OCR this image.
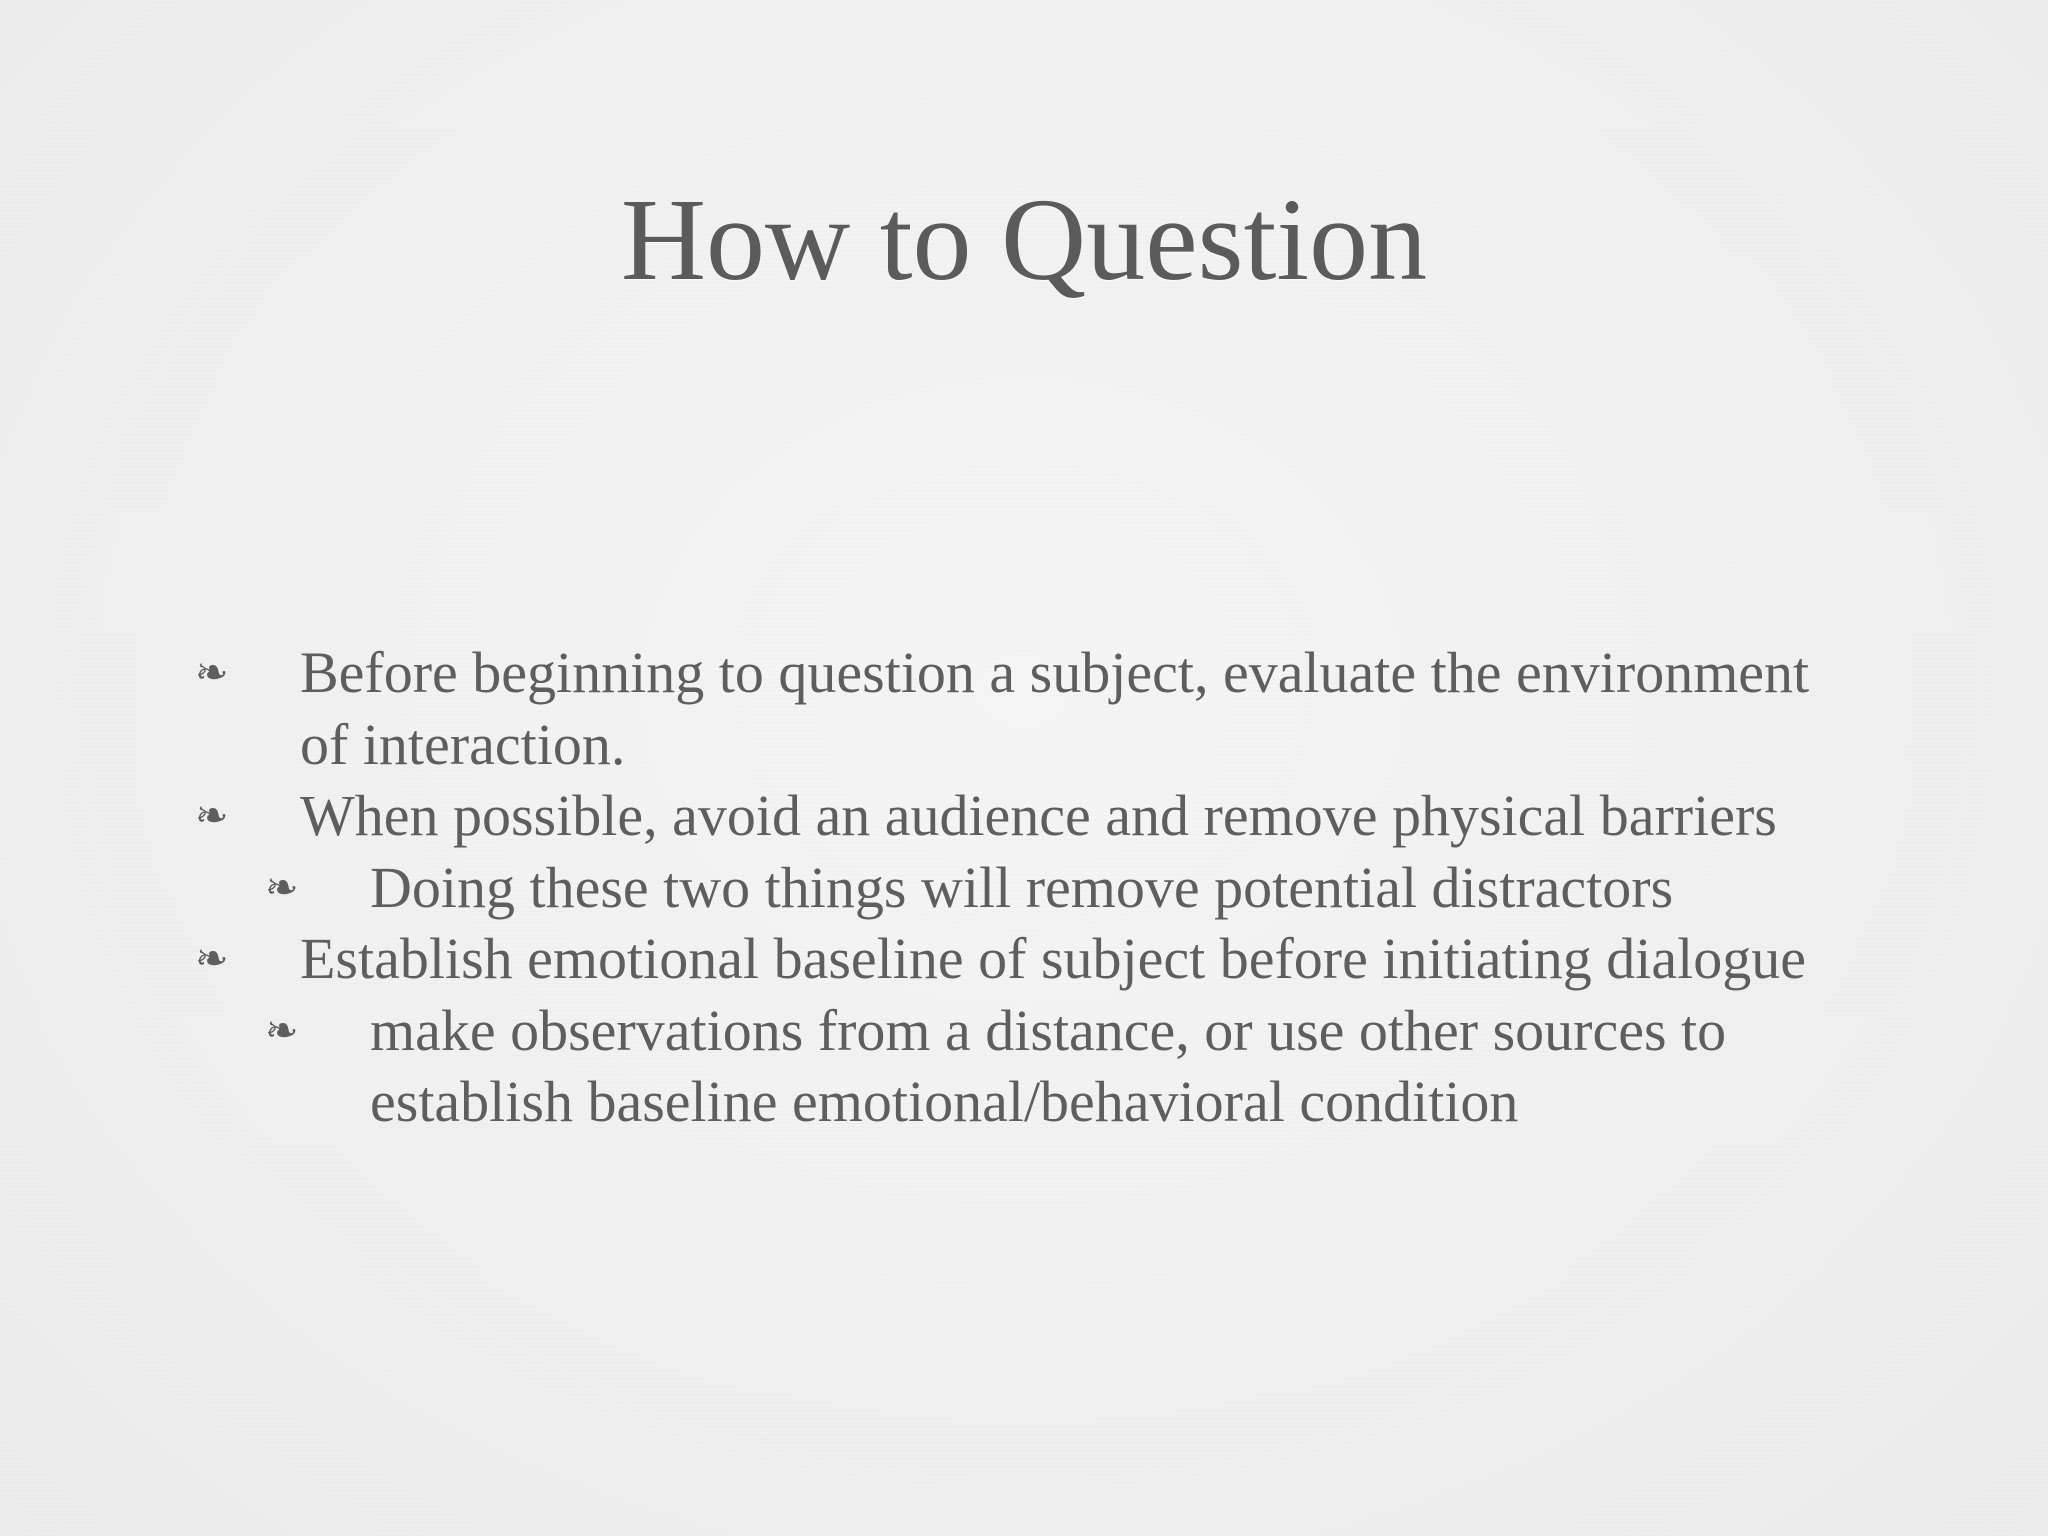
How to Question
❧ Before beginning to question a subject, evaluate the environment of interaction.
❧ When possible, avoid an audience and remove physical barriers
❧ Doing these two things will remove potential distractors
❧ Establish emotional baseline of subject before initiating dialogue
❧ make observations from a distance, or use other sources to establish baseline emotional/behavioral condition
